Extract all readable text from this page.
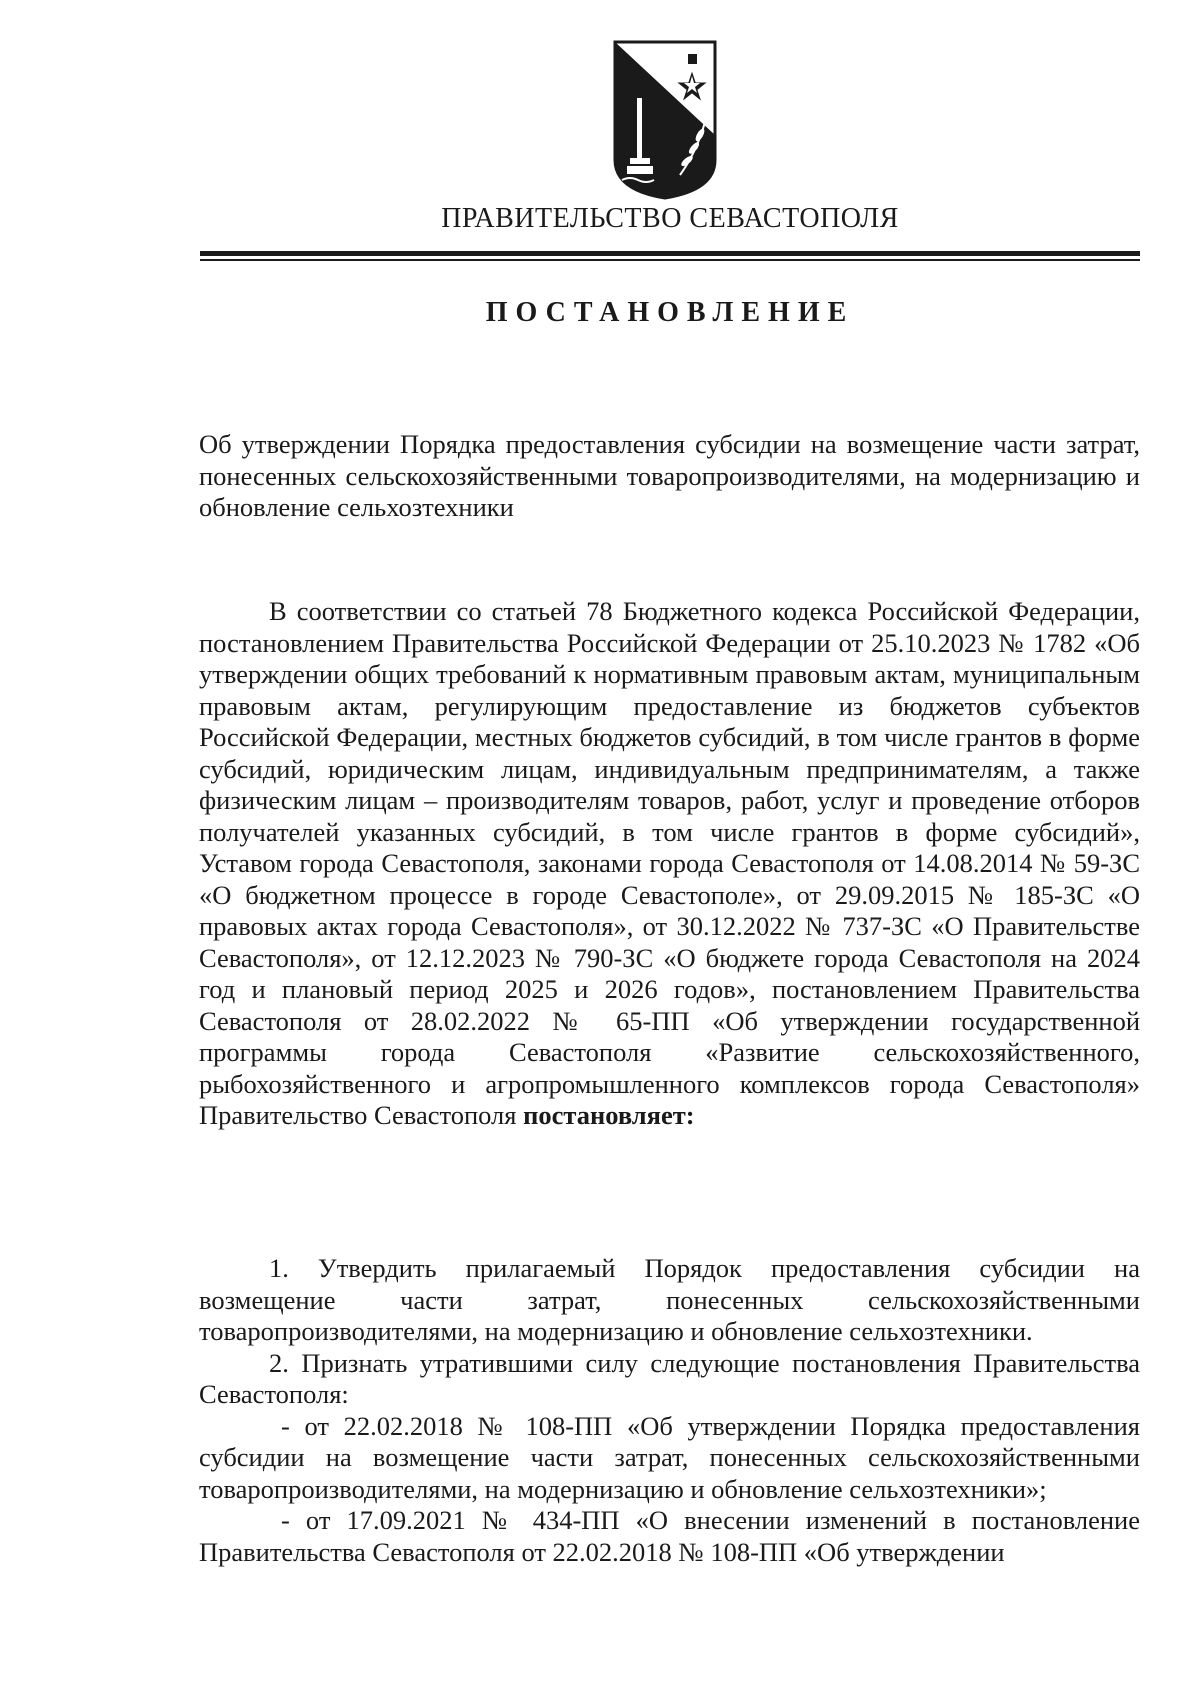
ПРАВИТЕЛЬСТВО СЕВАСТОПОЛЯ
ПОСТАНОВЛЕНИЕ

Об утверждении Порядка предоставления субсидии на возмещение части затрат, понесенных сельскохозяйственными товаропроизводителями, на модернизацию и обновление сельхозтехники

В соответствии со статьей 78 Бюджетного кодекса Российской Федерации, постановлением Правительства Российской Федерации от 25.10.2023 № 1782 «Об утверждении общих требований к нормативным правовым актам, муниципальным правовым актам, регулирующим предоставление из бюджетов субъектов Российской Федерации, местных бюджетов субсидий, в том числе грантов в форме субсидий, юридическим лицам, индивидуальным предпринимателям, а также физическим лицам – производителям товаров, работ, услуг и проведение отборов получателей указанных субсидий, в том числе грантов в форме субсидий», Уставом города Севастополя, законами города Севастополя от 14.08.2014 № 59-ЗС «О бюджетном процессе в городе Севастополе», от 29.09.2015 № 185-ЗС «О правовых актах города Севастополя», от 30.12.2022 № 737-ЗС «О Правительстве Севастополя», от 12.12.2023 № 790-ЗС «О бюджете города Севастополя на 2024 год и плановый период 2025 и 2026 годов», постановлением Правительства Севастополя от 28.02.2022 № 65-ПП «Об утверждении государственной программы города Севастополя «Развитие сельскохозяйственного, рыбохозяйственного и агропромышленного комплексов города Севастополя» Правительство Севастополя постановляет:

1. Утвердить прилагаемый Порядок предоставления субсидии на возмещение части затрат, понесенных сельскохозяйственными товаропроизводителями, на модернизацию и обновление сельхозтехники.

2. Признать утратившими силу следующие постановления Правительства Севастополя:

- от 22.02.2018 № 108-ПП «Об утверждении Порядка предоставления субсидии на возмещение части затрат, понесенных сельскохозяйственными товаропроизводителями, на модернизацию и обновление сельхозтехники»;

- от 17.09.2021 № 434-ПП «О внесении изменений в постановление Правительства Севастополя от 22.02.2018 № 108-ПП «Об утверждении
